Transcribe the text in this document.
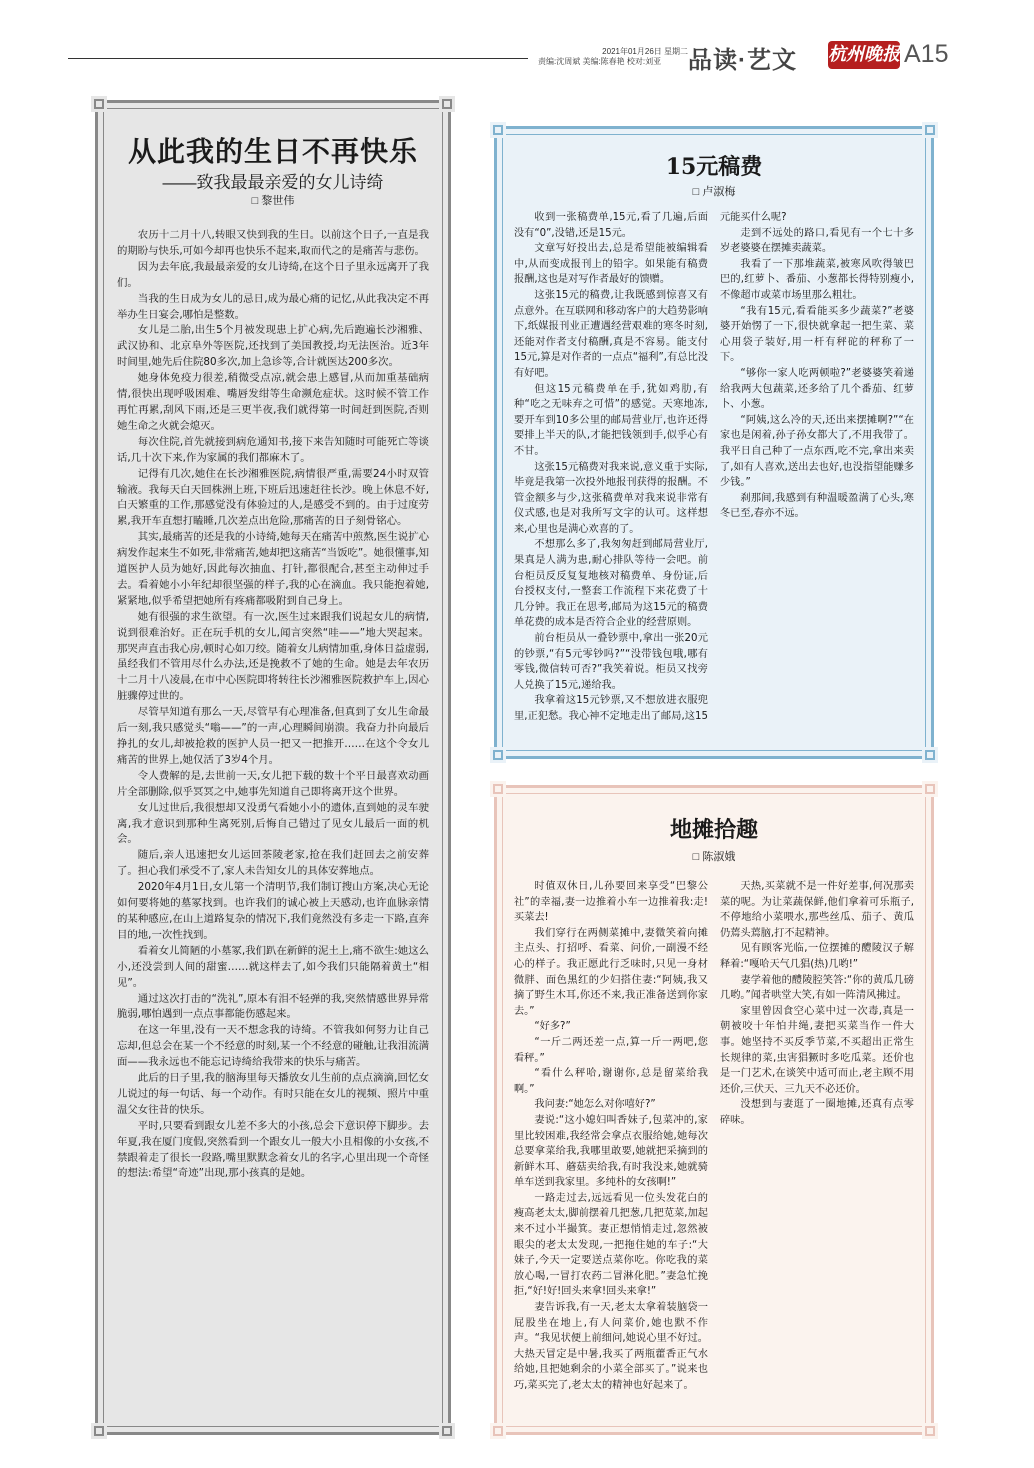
2021年01月26日 星期二
责编:沈周斌 美编:陈春艳 校对:刘亚	品读·艺文 杭州晚报 A15
从此我的生日不再快乐
——致我最最亲爱的女儿诗绮
□ 黎世伟

农历十二月十八,转眼又快到我的生日。以前这个日子,一直是我的期盼与快乐,可如今却再也快乐不起来,取而代之的是痛苦与悲伤。

因为去年底,我最最亲爱的女儿诗绮,在这个日子里永远离开了我们。

当我的生日成为女儿的忌日,成为最心痛的记忆,从此我决定不再举办生日宴会,哪怕是整数。

女儿是二胎,出生5个月被发现患上扩心病,先后跑遍长沙湘雅、武汉协和、北京阜外等医院,还找到了美国教授,均无法医治。近3年时间里,她先后住院80多次,加上急诊等,合计就医达200多次。

她身体免疫力很差,稍微受点凉,就会患上感冒,从而加重基础病情,很快出现呼吸困难、嘴唇发绀等生命濒危症状。这时候不管工作再忙再累,刮风下雨,还是三更半夜,我们就得第一时间赶到医院,否则她生命之火就会熄灭。

每次住院,首先就接到病危通知书,接下来告知随时可能死亡等谈话,几十次下来,作为家属的我们都麻木了。

记得有几次,她住在长沙湘雅医院,病情很严重,需要24小时双管输液。我每天白天回株洲上班,下班后迅速赶往长沙。晚上休息不好,白天繁重的工作,那感觉没有体验过的人,是感受不到的。由于过度劳累,我开车直想打瞌睡,几次差点出危险,那痛苦的日子刻骨铭心。

其实,最痛苦的还是我的小诗绮,她每天在痛苦中煎熬,医生说扩心病发作起来生不如死,非常痛苦,她却把这痛苦“当饭吃”。她很懂事,知道医护人员为她好,因此每次抽血、打针,都很配合,甚至主动伸过手去。看着她小小年纪却很坚强的样子,我的心在滴血。我只能抱着她,紧紧地,似乎希望把她所有疼痛都吸附到自己身上。

她有很强的求生欲望。有一次,医生过来跟我们说起女儿的病情,说到很难治好。正在玩手机的女儿,闻言突然“哇——”地大哭起来。那哭声直击我心房,顿时心如刀绞。随着女儿病情加重,身体日益虚弱,虽经我们不管用尽什么办法,还是挽救不了她的生命。她是去年农历十二月十八凌晨,在市中心医院即将转往长沙湘雅医院救护车上,因心脏骤停过世的。

尽管早知道有那么一天,尽管早有心理准备,但真到了女儿生命最后一刻,我只感觉头“嗡——”的一声,心理瞬间崩溃。我奋力扑向最后挣扎的女儿,却被抢救的医护人员一把又一把推开……在这个令女儿痛苦的世界上,她仅活了3岁4个月。

令人费解的是,去世前一天,女儿把下载的数十个平日最喜欢动画片全部删除,似乎冥冥之中,她事先知道自己即将离开这个世界。

女儿过世后,我很想却又没勇气看她小小的遗体,直到她的灵车驶离,我才意识到那种生离死别,后悔自己错过了见女儿最后一面的机会。

随后,亲人迅速把女儿运回茶陵老家,抢在我们赶回去之前安葬了。担心我们承受不了,家人未告知女儿的具体安葬地点。

2020年4月1日,女儿第一个清明节,我们制订搜山方案,决心无论如何要将她的墓冢找到。也许我们的诚心被上天感动,也许血脉亲情的某种感应,在山上道路复杂的情况下,我们竟然没有多走一下路,直奔目的地,一次性找到。

看着女儿简陋的小墓冢,我们趴在新鲜的泥土上,痛不欲生:她这么小,还没尝到人间的甜蜜……就这样去了,如今我们只能隔着黄土“相见”。

通过这次打击的“洗礼”,原本有泪不轻弹的我,突然情感世界异常脆弱,哪怕遇到一点点事都能伤感起来。

在这一年里,没有一天不想念我的诗绮。不管我如何努力让自己忘却,但总会在某一个不经意的时刻,某一个不经意的碰触,让我泪流满面——我永远也不能忘记诗绮给我带来的快乐与痛苦。

此后的日子里,我的脑海里每天播放女儿生前的点点滴滴,回忆女儿说过的每一句话、每一个动作。有时只能在女儿的视频、照片中重温父女往昔的快乐。

平时,只要看到跟女儿差不多大的小孩,总会下意识停下脚步。去年夏,我在厦门度假,突然看到一个跟女儿一般大小且相像的小女孩,不禁跟着走了很长一段路,嘴里默默念着女儿的名字,心里出现一个奇怪的想法:希望“奇迹”出现,那小孩真的是她。

15元稿费
□ 卢淑梅

收到一张稿费单,15元,看了几遍,后面没有“0”,没错,还是15元。

文章写好投出去,总是希望能被编辑看中,从而变成报刊上的铅字。如果能有稿费报酬,这也是对写作者最好的馈赠。

这张15元的稿费,让我既感到惊喜又有点意外。在互联网和移动客户的大趋势影响下,纸媒报刊业正遭遇经营艰难的寒冬时刻,还能对作者支付稿酬,真是不容易。能支付15元,算是对作者的一点点“福利”,有总比没有好吧。

但这15元稿费单在手,犹如鸡肋,有种“吃之无味弃之可惜”的感觉。天寒地冻,要开车到10多公里的邮局营业厅,也许还得要排上半天的队,才能把钱领到手,似乎心有不甘。

这张15元稿费对我来说,意义重于实际,毕竟是我第一次投外地报刊获得的报酬。不管金额多与少,这张稿费单对我来说非常有仪式感,也是对我所写文字的认可。这样想来,心里也是满心欢喜的了。

不想那么多了,我匆匆赶到邮局营业厅,果真是人满为患,耐心排队等待一会吧。前台柜员反反复复地核对稿费单、身份证,后台授权支付,一整套工作流程下来花费了十几分钟。我正在思考,邮局为这15元的稿费单花费的成本是否符合企业的经营原则。

前台柜员从一叠钞票中,拿出一张20元的钞票,“有5元零钞吗?”“没带钱包哦,哪有零钱,微信转可否?”我笑着说。柜员又找旁人兑换了15元,递给我。

我拿着这15元钞票,又不想放进衣服兜里,正犯愁。我心神不定地走出了邮局,这15元能买什么呢?

走到不远处的路口,看见有一个七十多岁老婆婆在摆摊卖蔬菜。

我看了一下那堆蔬菜,被寒风吹得皱巴巴的,红萝卜、番茄、小葱都长得特别瘦小,不像超市或菜市场里那么粗壮。

“我有15元,看看能买多少蔬菜?”老婆婆开始愣了一下,很快就拿起一把生菜、菜心用袋子装好,用一杆有秤砣的秤称了一下。

“够你一家人吃两顿啦?”老婆婆笑着递给我两大包蔬菜,还多给了几个番茄、红萝卜、小葱。

“阿姨,这么冷的天,还出来摆摊啊?”“在家也是闲着,孙子孙女都大了,不用我带了。我平日自己种了一点东西,吃不完,拿出来卖了,如有人喜欢,送出去也好,也没指望能赚多少钱。”

刹那间,我感到有种温暖盈满了心头,寒冬已至,春亦不远。

地摊拾趣
□ 陈淑娥

时值双休日,儿孙要回来享受“巴黎公社”的幸福,妻一边推着小车一边推着我:走!买菜去!

我们穿行在两侧菜摊中,妻微笑着向摊主点头、打招呼、看菜、问价,一副漫不经心的样子。我正愿此行乏味时,只见一身材微胖、面色黑红的少妇搭住妻:“阿姨,我又摘了野生木耳,你还不来,我正准备送到你家去。”

“好多?”

“一斤二两还差一点,算一斤一两吧,您看秤。”

“看什么秤哈,谢谢你,总是留菜给我啊。”

我问妻:“她怎么对你嘻好?”

妻说:“这小媳妇叫香妹子,包菜冲的,家里比较困难,我经常会拿点衣服给她,她每次总要拿菜给我,我哪里敢要,她就把采摘到的新鲜木耳、蘑菇卖给我,有时我没来,她就骑单车送到我家里。多纯朴的女孩啊!”

一路走过去,远远看见一位头发花白的瘦高老太太,脚前摆着几把葱,几把苋菜,加起来不过小半撮箕。妻正想悄悄走过,忽然被眼尖的老太太发现,一把拖住她的车子:“大妹子,今天一定要送点菜你吃。你吃我的菜放心喝,一冒打农药二冒淋化肥。”妻急忙挽拒,“好!好!回头来拿!回头来拿!”

妻告诉我,有一天,老太太拿着装脑袋一屁股坐在地上,有人问菜价,她也默不作声。“我见状便上前细问,她说心里不好过。大热天冒定是中暑,我买了两瓶藿香正气水给她,且把她剩余的小菜全部买了。”说来也巧,菜买完了,老太太的精神也好起来了。

天热,买菜就不是一件好差事,何况那卖菜的呢。为让菜蔬保鲜,他们拿着可乐瓶子,不停地给小菜喂水,那些丝瓜、茄子、黄瓜仍蔫头蔫脑,打不起精神。

见有顾客光临,一位摆摊的醴陵汉子解释着:“嘎哈天气几猖(热)几哟!”

妻学着他的醴陵腔笑答:“你的黄瓜几磅几哟。”闻者哄堂大笑,有如一阵清风拂过。

家里曾因食空心菜中过一次毒,真是一朝被咬十年怕井绳,妻把买菜当作一件大事。她坚持不买反季节菜,不买超出正常生长规律的菜,虫害猖獗时多吃瓜菜。还价也是一门艺术,在谈笑中适可而止,老主顾不用还价,三伏天、三九天不必还价。

没想到与妻逛了一圈地摊,还真有点零碎味。
